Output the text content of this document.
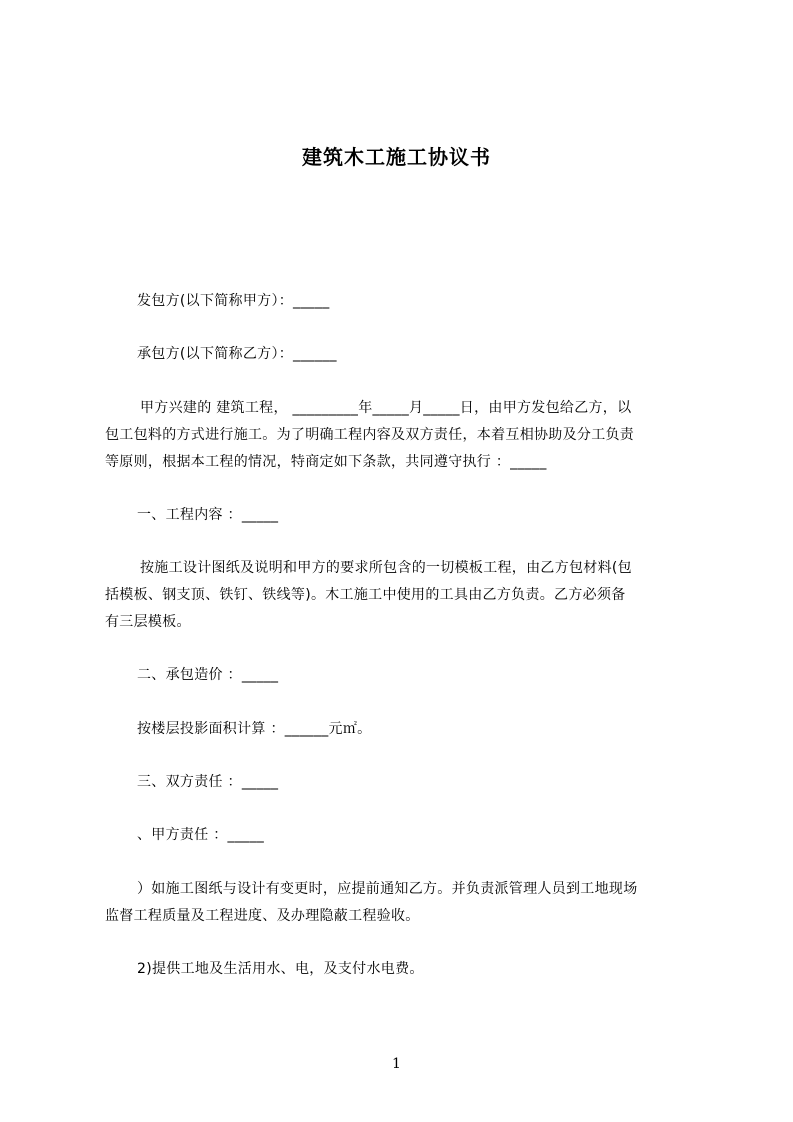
建筑木工施工协议书
发包方(以下简称甲方）：_____
承包方(以下简称乙方）：______
甲方兴建的 建筑工程， _________年_____月_____日，由甲方发包给乙方，以
包工包料的方式进行施工。为了明确工程内容及双方责任，本着互相协助及分工负责
等原则，根据本工程的情况，特商定如下条款，共同遵守执行 ：_____
一、工程内容 ：_____
按施工设计图纸及说明和甲方的要求所包含的一切模板工程，由乙方包材料(包
括模板、钢支顶、铁钉、铁线等)。木工施工中使用的工具由乙方负责。乙方必须备
有三层模板。
二、承包造价 ：_____
按楼层投影面积计算 ：______元㎡。
三、双方责任 ：_____
、甲方责任 ：_____
）如施工图纸与设计有变更时，应提前通知乙方。并负责派管理人员到工地现场
监督工程质量及工程进度、及办理隐蔽工程验收。
2)提供工地及生活用水、电，及支付水电费。
1
